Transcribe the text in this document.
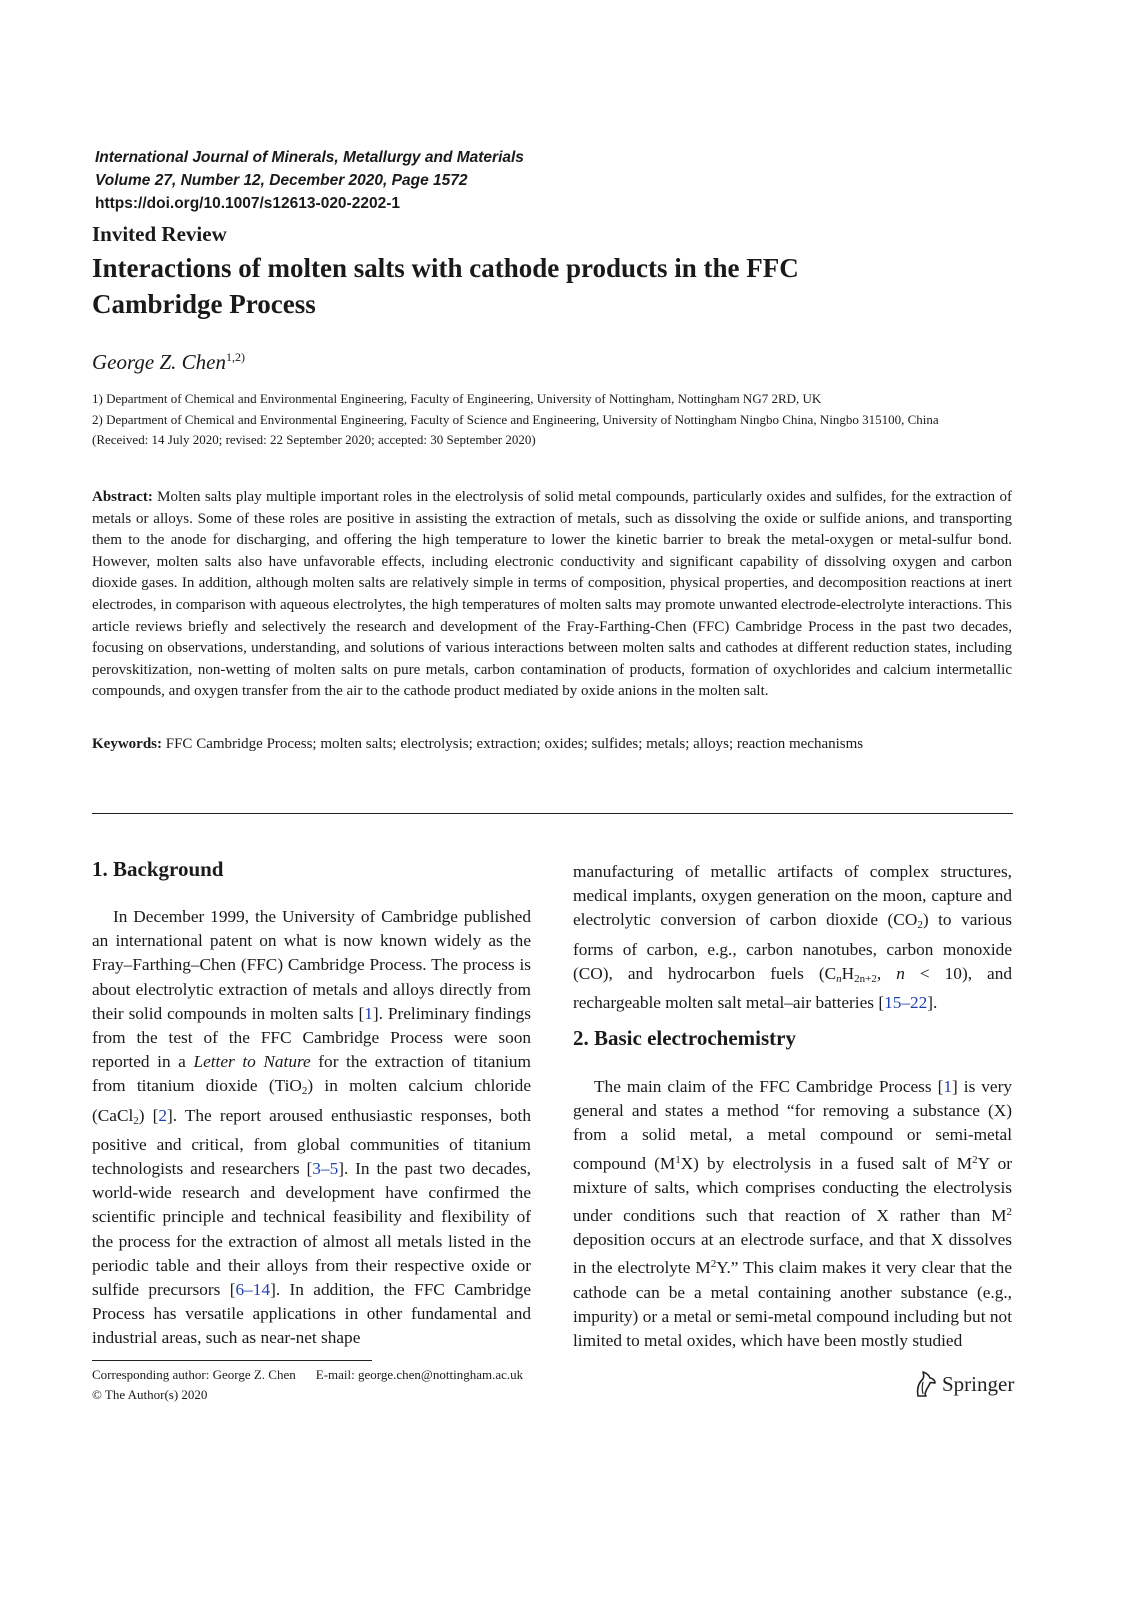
International Journal of Minerals, Metallurgy and Materials
Volume 27, Number 12, December 2020, Page 1572
https://doi.org/10.1007/s12613-020-2202-1
Invited Review
Interactions of molten salts with cathode products in the FFC Cambridge Process
George Z. Chen$^{1,2)}$
1) Department of Chemical and Environmental Engineering, Faculty of Engineering, University of Nottingham, Nottingham NG7 2RD, UK
2) Department of Chemical and Environmental Engineering, Faculty of Science and Engineering, University of Nottingham Ningbo China, Ningbo 315100, China
(Received: 14 July 2020; revised: 22 September 2020; accepted: 30 September 2020)
Abstract: Molten salts play multiple important roles in the electrolysis of solid metal compounds, particularly oxides and sulfides, for the extraction of metals or alloys. Some of these roles are positive in assisting the extraction of metals, such as dissolving the oxide or sulfide anions, and transporting them to the anode for discharging, and offering the high temperature to lower the kinetic barrier to break the metal-oxygen or metal-sulfur bond. However, molten salts also have unfavorable effects, including electronic conductivity and significant capability of dissolving oxygen and carbon dioxide gases. In addition, although molten salts are relatively simple in terms of composition, physical properties, and decomposition reactions at inert electrodes, in comparison with aqueous electrolytes, the high temperatures of molten salts may promote unwanted electrode-electrolyte interactions. This article reviews briefly and selectively the research and development of the Fray-Farthing-Chen (FFC) Cambridge Process in the past two decades, focusing on observations, understanding, and solutions of various interactions between molten salts and cathodes at different reduction states, including perovskitization, non-wetting of molten salts on pure metals, carbon contamination of products, formation of oxychlorides and calcium intermetallic compounds, and oxygen transfer from the air to the cathode product mediated by oxide anions in the molten salt.
Keywords: FFC Cambridge Process; molten salts; electrolysis; extraction; oxides; sulfides; metals; alloys; reaction mechanisms
1. Background

In December 1999, the University of Cambridge published an international patent on what is now known widely as the Fray–Farthing–Chen (FFC) Cambridge Process. The process is about electrolytic extraction of metals and alloys directly from their solid compounds in molten salts [1]. Preliminary findings from the test of the FFC Cambridge Process were soon reported in a Letter to Nature for the extraction of titanium from titanium dioxide (TiO$_2$) in molten calcium chloride (CaCl$_2$) [2]. The report aroused enthusiastic responses, both positive and critical, from global communities of titanium technologists and researchers [3–5]. In the past two decades, world-wide research and development have confirmed the scientific principle and technical feasibility and flexibility of the process for the extraction of almost all metals listed in the periodic table and their alloys from their respective oxide or sulfide precursors [6–14]. In addition, the FFC Cambridge Process has versatile applications in other fundamental and industrial areas, such as near-net shape

manufacturing of metallic artifacts of complex structures, medical implants, oxygen generation on the moon, capture and electrolytic conversion of carbon dioxide $(CO_2)$ to various forms of carbon, e.g., carbon nanotubes, carbon monoxide (CO), and hydrocarbon fuels ($C_nH_{2n+2}$, n < 10), and rechargeable molten salt metal–air batteries [15–22].

2. Basic electrochemistry

The main claim of the FFC Cambridge Process [1] is very general and states a method “for removing a substance (X) from a solid metal, a metal compound or semi-metal compound $(M^1X)$ by electrolysis in a fused salt of $M^2Y$ or mixture of salts, which comprises conducting the electrolysis under conditions such that reaction of X rather than $M^2$ deposition occurs at an electrode surface, and that X dissolves in the electrolyte $M^2Y$.” This claim makes it very clear that the cathode can be a metal containing another substance (e.g., impurity) or a metal or semi-metal compound including but not limited to metal oxides, which have been mostly studied

Corresponding author: George Z. Chen E-mail: george.chen@nottingham.ac.uk
© The Author(s) 2020	Springer
